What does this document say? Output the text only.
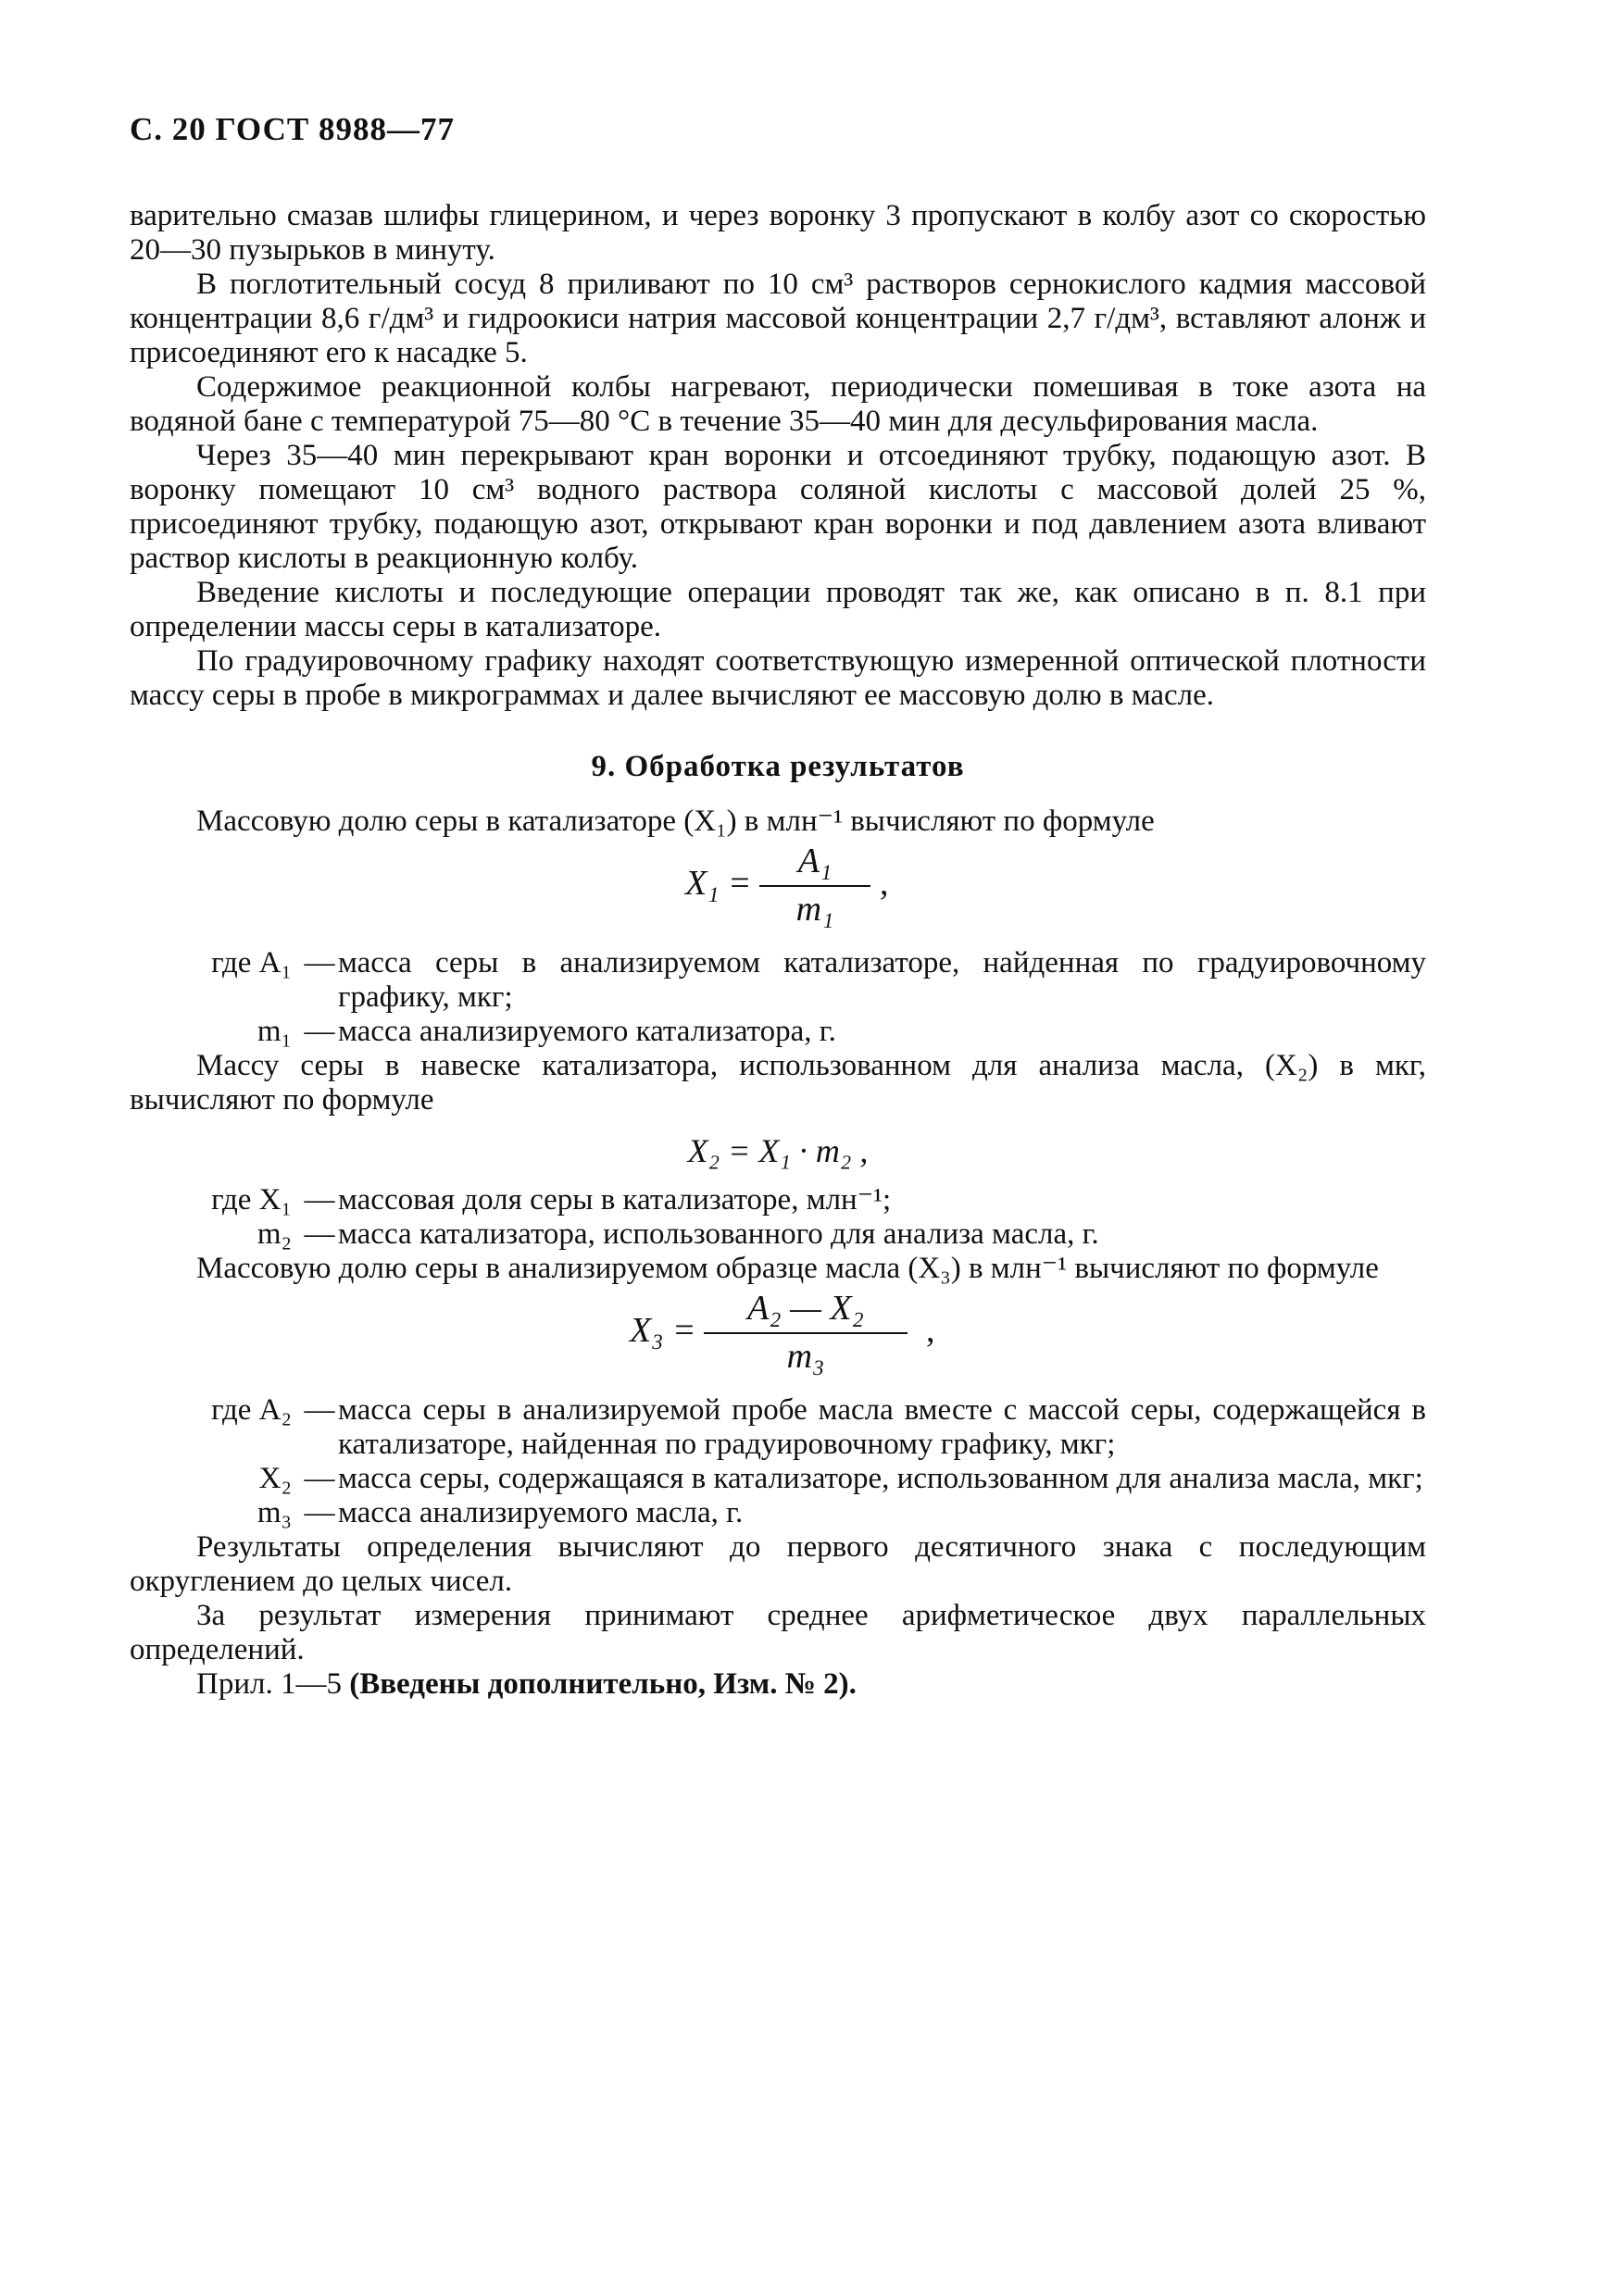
С. 20 ГОСТ 8988—77

варительно смазав шлифы глицерином, и через воронку 3 пропускают в колбу азот со скоростью 20—30 пузырьков в минуту.

В поглотительный сосуд 8 приливают по 10 см³ растворов сернокислого кадмия массовой концентрации 8,6 г/дм³ и гидроокиси натрия массовой концентрации 2,7 г/дм³, вставляют алонж и присоединяют его к насадке 5.

Содержимое реакционной колбы нагревают, периодически помешивая в токе азота на водяной бане с температурой 75—80 °С в течение 35—40 мин для десульфирования масла.

Через 35—40 мин перекрывают кран воронки и отсоединяют трубку, подающую азот. В воронку помещают 10 см³ водного раствора соляной кислоты с массовой долей 25 %, присоединяют трубку, подающую азот, открывают кран воронки и под давлением азота вливают раствор кислоты в реакционную колбу.

Введение кислоты и последующие операции проводят так же, как описано в п. 8.1 при определении массы серы в катализаторе.

По градуировочному графику находят соответствующую измеренной оптической плотности массу серы в пробе в микрограммах и далее вычисляют ее массовую долю в масле.

9. Обработка результатов

Массовую долю серы в катализаторе (X₁) в млн⁻¹ вычисляют по формуле

$X_1 = \frac{\text{A₁}}{\text{m₁}}$ ,
где A₁ — масса серы в анализируемом катализаторе, найденная по градуировочному графику, мкг;
m₁ — масса анализируемого катализатора, г.

Массу серы в навеске катализатора, использованном для анализа масла, (X₂) в мкг, вычисляют по формуле

X₂ = X₁ · m₂ ,
где X₁ — массовая доля серы в катализаторе, млн⁻¹;
m₂ — масса катализатора, использованного для анализа масла, г.

Массовую долю серы в анализируемом образце масла (X₃) в млн⁻¹ вычисляют по формуле

$X_3 = \frac{\text{A₂ — X₂}}{\text{m₃}}$ ,
где A₂ — масса серы в анализируемой пробе масла вместе с массой серы, содержащейся в катализаторе, найденная по градуировочному графику, мкг;
X₂ — масса серы, содержащаяся в катализаторе, использованном для анализа масла, мкг;
m₃ — масса анализируемого масла, г.

Результаты определения вычисляют до первого десятичного знака с последующим округлением до целых чисел.

За результат измерения принимают среднее арифметическое двух параллельных определений.

Прил. 1—5 (Введены дополнительно, Изм. № 2).
